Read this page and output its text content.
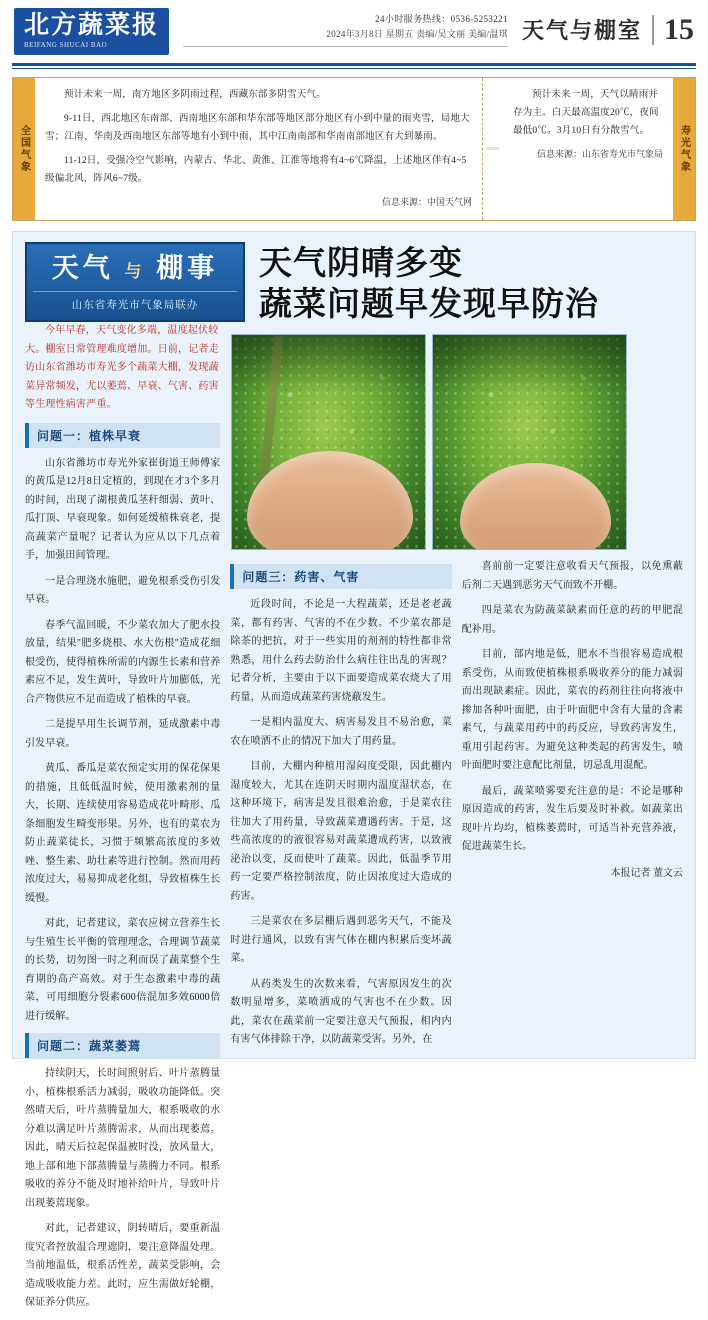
北方蔬菜报
BEIFANG SHUCAI BAO
24小时服务热线：0536-5253221
2024年3月8日 星期五 责编/吴文丽 美编/温琪 天气与棚室 15
全国气象

预计未来一周，南方地区多阴雨过程，西藏东部多阴雪天气。

9-11日，西北地区东南部、西南地区东部和华东部等地区部分地区有小到中量的雨夹雪，局地大雪；江南、华南及西南地区东部等地有小到中雨，其中江南南部和华南南部地区有大到暴雨。

11-12日，受强冷空气影响，内蒙古、华北、黄淮、江淮等地将有4~6℃降温，上述地区伴有4~5级偏北风，阵风6~7级。

信息来源：中国天气网
≈≈≈

预计未来一周，天气以睛雨并存为主。白天最高温度20℃，夜间最低0℃。3月10日有分散雪气。

信息来源：山东省寿光市气象局	寿光气象
天气 与 棚事
山东省寿光市气象局联办
天气阴晴多变
蔬菜问题早发现早防治

今年早春，天气变化多端，温度起伏较大。棚室日常管理难度增加。日前，记者走访山东省潍坊市寿光多个蔬菜大棚，发现蔬菜异常频发，尤以萎蔫、早衰、气害、药害等生理性病害严重。

问题一：植株早衰

山东省潍坊市寿光外家崔街道王师傅家的黄瓜是12月8日定植的，到现在才3个多月的时间，出现了湖根黄瓜茎秆细弱、黄叶、瓜打顶、早衰现象。如何延缓植株衰老，提高蔬菜产量呢？记者认为应从以下几点着手，加强田间管理。

一是合理浇水施肥，避免根系受伤引发早衰。

春季气温回暖，不少菜农加大了肥水投放量，结果"肥多烧根、水大伤根"造成花细根受伤，使得植株所需的内源生长素和营养素应不足，发生黄叶，导致叶片加膨低，光合产物供应不足而造成了植株的早衰。

二是提早用生长调节剂，延成激素中毒引发早衰。

黄瓜、番瓜是菜农预定实用的保花保果的措施，且低低温时候，使用激素剂的量大，长期、连续使用容易造成花叶畸形、瓜条细胞发生畸变形果。另外，也有的菜农为防止蔬菜徒长，习惯于频繁高浓度的多效唑、整生素、助壮素等进行控制。然而用药浓度过大，易易抑成老化组，导致植株生长缓慢。

对此，记者建议，菜农应树立营养生长与生殖生长平衡的管理理念，合理调节蔬菜的长势，切勿图一时之利而误了蔬菜整个生育期的高产高效。对于生态激素中毒的蔬菜，可用细胞分裂素600倍混加多效6000倍进行缓解。

问题二：蔬菜萎蔫

持续阴天，长时间照射后、叶片蒸腾量小，植株根系活力减弱，吸收功能降低。突然晴天后，叶片蒸腾量加大，根系吸收的水分难以满足叶片蒸腾需求，从而出现萎蔫。因此，晴天后拉起保温被时没，放风量大，地上部和地下部蒸腾量与蒸腾力不同。根系吸收的养分不能及时地补给叶片，导致叶片出现萎蔫现象。

对此，记者建议，阴转晴后，要重新温度究者控放温合理遮阴，要注意降温处理。当前地温低，根系活性差，蔬菜受影响，会造成吸收能力差。此时，应生需做好轮棚，保证养分供应。

问题三：药害、气害

近段时间，不论是一大程蔬菜，还是老老蔬菜，都有药害、气害的不在少数。不少菜农都是除茶的把抗，对于一些实用的剂剂的特性都非常熟悉，用什么药去防治什么病往往出乱的害现？记者分析，主要由于以下面要造成菜农烧大了用药量，从而造成蔬菜药害烧蔽发生。

一是相内温度大、病害易发且不易治愈，菜农在喷洒不止的情况下加大了用药量。

目前，大棚内种植用湿闷度受限，因此棚内湿度较大，尤其在连阴天时期内温度湿状态，在这种环境下，病害是发且很难治愈，于是菜农往往加大了用药量，导致蔬菜遭遇药害。于是，这些高浓度的的液很容易对蔬菜遭成药害，以致液泌治以变，反而使叶了蔬菜。因此，低温季节用药一定要严格控制浓度，防止因浓度过大造成的药害。

三是菜农在多层棚后遇到恶劣天气，不能及时进行通风，以致有害气体在棚内积累后变坏蔬菜。

从药类发生的次数来看，气害原因发生的次数明显增多，菜喷洒成的气害也不在少数。因此，菜农在蔬菜前一定要注意天气预报，相内内有害气体排除干净，以防蔬菜受害。另外，在

喜前前一定要注意收看天气预报，以免熏蔽后剂二天遇到恶劣天气而致不开棚。

四是菜农为防蔬菜缺素而任意的药的甲肥混配补用。

目前，部内地是低，肥水不当很容易造成根系受伤，从而致使植株根系吸收养分的能力减弱而出现缺素症。因此，菜农的药剂往往向将液中掺加各种叶面肥，由于叶面肥中含有大量的含素素气，与蔬菜用药中的药反应，导致药害发生，重用引起药害。为避免这种类起的药害发生，喷叶面肥时要注意配比剂量，切忌乱用混配。

最后，蔬菜喷雾要充注意的是：不论是哪种原因造成的药害，发生后要及时补救。如蔬菜出现叶片均均，植株萎蔫时，可适当补充营养液，促进蔬菜生长。

本报记者 董文云
